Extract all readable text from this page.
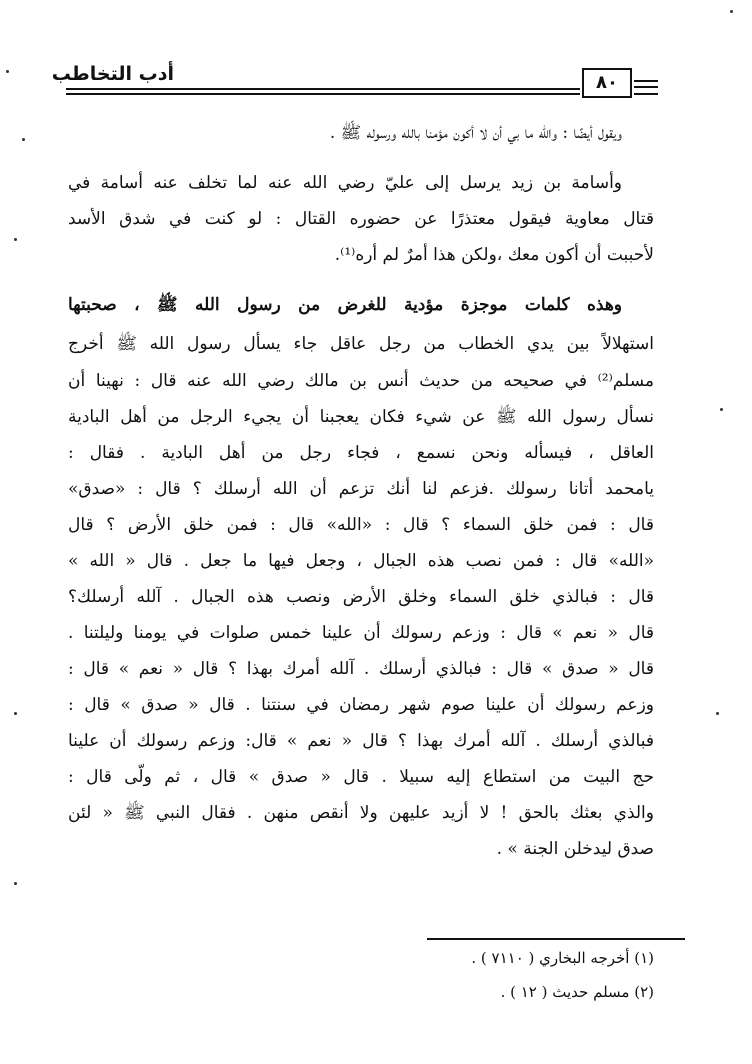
أدب التخاطب	٨٠
ويقول أيضًا : والله ما بي أن لا أكون مؤمنا بالله ورسوله ﷺ .
وأسامة بن زيد يرسل إلى عليّ رضي الله عنه لما تخلف عنه أسامة في
قتال معاوية فيقول معتذرًا عن حضوره القتال : لو كنت في شدق الأسد
لأحببت أن أكون معك ،ولكن هذا أمرٌ لم أره⁽¹⁾.
وهذه كلمات موجزة مؤدية للغرض من رسول الله ﷺ ، صحبتها
استهلالاً بين يدي الخطاب من رجل عاقل جاء يسأل رسول الله ﷺ أخرج
مسلم⁽²⁾ في صحيحه من حديث أنس بن مالك رضي الله عنه قال : نهينا أن
نسأل رسول الله ﷺ عن شيء فكان يعجبنا أن يجيء الرجل من أهل البادية
العاقل ، فيسأله ونحن نسمع ، فجاء رجل من أهل البادية . فقال :
يامحمد أتانا رسولك .فزعم لنا أنك تزعم أن الله أرسلك ؟ قال : «صدق»
قال : فمن خلق السماء ؟ قال : «الله» قال : فمن خلق الأرض ؟ قال
«الله» قال : فمن نصب هذه الجبال ، وجعل فيها ما جعل . قال « الله »
قال : فبالذي خلق السماء وخلق الأرض ونصب هذه الجبال . آلله أرسلك؟
قال « نعم » قال : وزعم رسولك أن علينا خمس صلوات في يومنا وليلتنا .
قال « صدق » قال : فبالذي أرسلك . آلله أمرك بهذا ؟ قال « نعم » قال :
وزعم رسولك أن علينا صوم شهر رمضان في سنتنا . قال « صدق » قال :
فبالذي أرسلك . آلله أمرك بهذا ؟ قال « نعم » قال: وزعم رسولك أن علينا
حج البيت من استطاع إليه سبيلا . قال « صدق » قال ، ثم ولّى قال :
والذي بعثك بالحق ! لا أزيد عليهن ولا أنقص منهن . فقال النبي ﷺ « لئن
صدق ليدخلن الجنة » .
(١) أخرجه البخاري ( ٧١١٠ ) .
(٢) مسلم حديث ( ١٢ ) .
